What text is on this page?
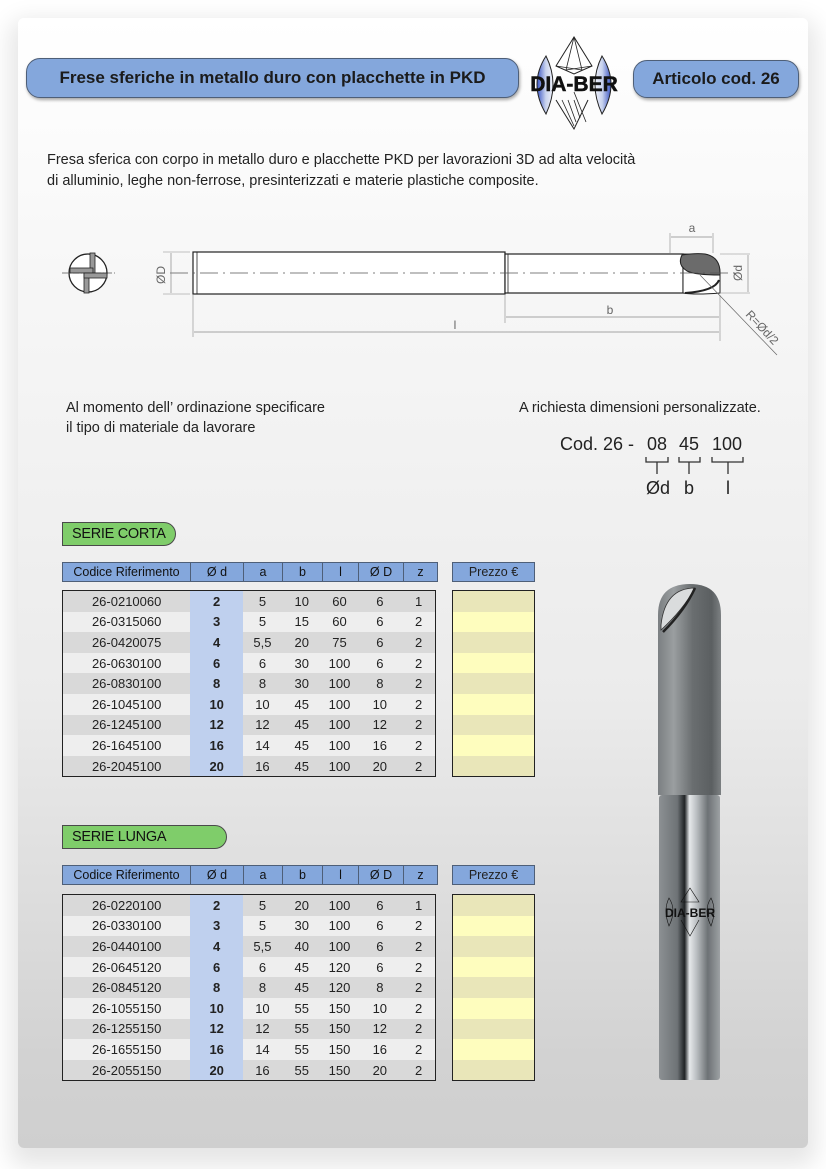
Frese sferiche in metallo duro con placchette in PKD DIA-BER Articolo cod. 26
Fresa sferica con corpo in metallo duro e placchette PKD per lavorazioni 3D ad alta velocità
di alluminio, leghe non-ferrose, presinterizzati e materie plastiche composite.
ØD	Ød
a
b
l	R=Ød/2
Al momento dell’ ordinazione specificare
il tipo di materiale da lavorare
A richiesta dimensioni personalizzate.
Cod. 26 - 08 45 100
Ød b l
SERIE CORTA
Codice Riferimento	Ø d	a	b	l	Ø D	z	Prezzo €
26-0210060	2	5	10	60	6	1
26-0315060	3	5	15	60	6	2
26-0420075	4	5,5	20	75	6	2
26-0630100	6	6	30	100	6	2
26-0830100	8	8	30	100	8	2
26-1045100	10	10	45	100	10	2
26-1245100	12	12	45	100	12	2
26-1645100	16	14	45	100	16	2
26-2045100	20	16	45	100	20	2
SERIE LUNGA
Codice Riferimento	Ø d	a	b	l	Ø D	z	Prezzo €
26-0220100	2	5	20	100	6	1
26-0330100	3	5	30	100	6	2
26-0440100	4	5,5	40	100	6	2
26-0645120	6	6	45	120	6	2
26-0845120	8	8	45	120	8	2
26-1055150	10	10	55	150	10	2
26-1255150	12	12	55	150	12	2
26-1655150	16	14	55	150	16	2
26-2055150	20	16	55	150	20	2
DIA-BER
